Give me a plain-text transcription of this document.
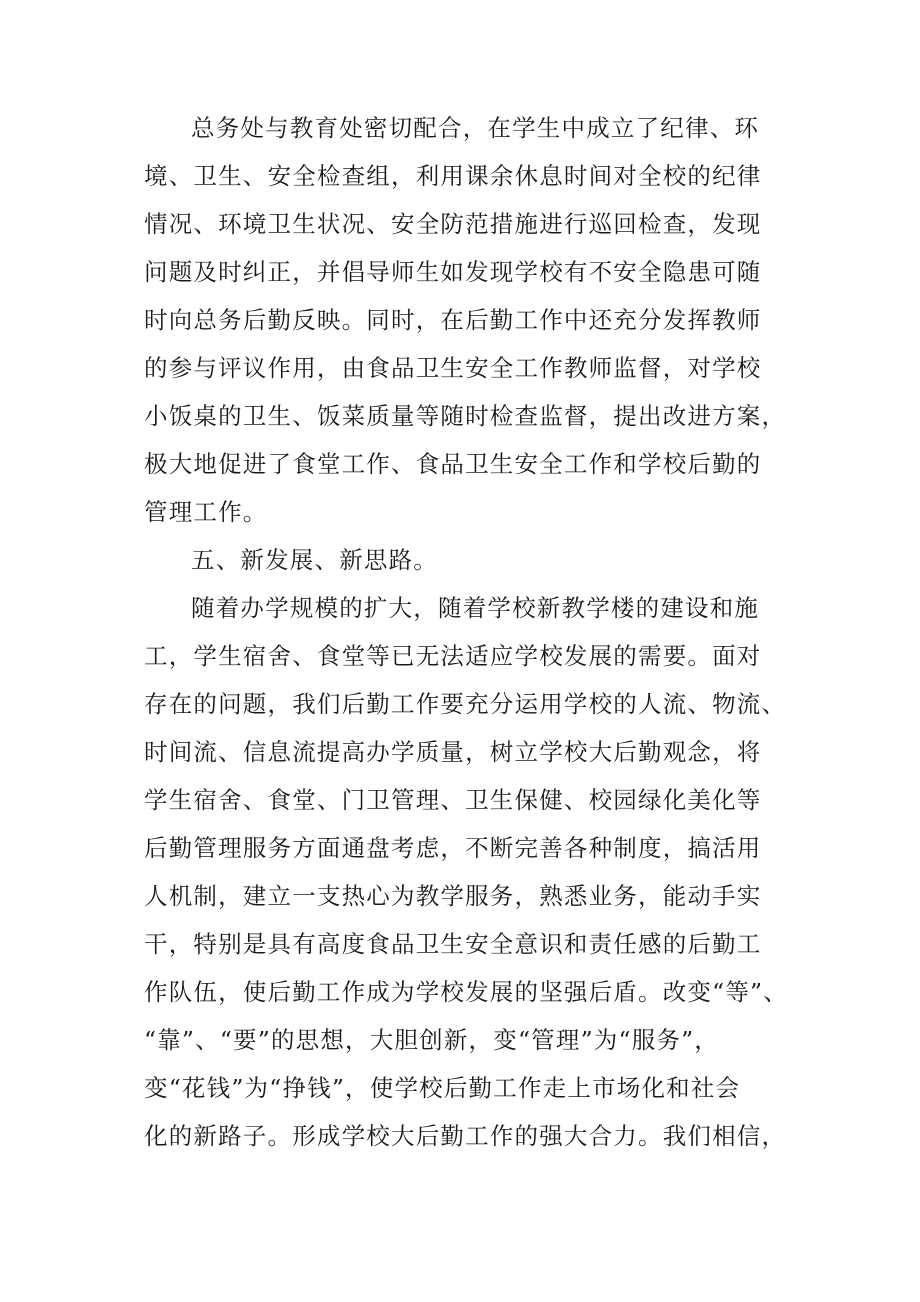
总务处与教育处密切配合，在学生中成立了纪律、环
境、卫生、安全检查组，利用课余休息时间对全校的纪律
情况、环境卫生状况、安全防范措施进行巡回检查，发现
问题及时纠正，并倡导师生如发现学校有不安全隐患可随
时向总务后勤反映。同时，在后勤工作中还充分发挥教师
的参与评议作用，由食品卫生安全工作教师监督，对学校
小饭桌的卫生、饭菜质量等随时检查监督，提出改进方案，
极大地促进了食堂工作、食品卫生安全工作和学校后勤的
管理工作。
五、新发展、新思路。
随着办学规模的扩大，随着学校新教学楼的建设和施
工，学生宿舍、食堂等已无法适应学校发展的需要。面对
存在的问题，我们后勤工作要充分运用学校的人流、物流、
时间流、信息流提高办学质量，树立学校大后勤观念，将
学生宿舍、食堂、门卫管理、卫生保健、校园绿化美化等
后勤管理服务方面通盘考虑，不断完善各种制度，搞活用
人机制，建立一支热心为教学服务，熟悉业务，能动手实
干，特别是具有高度食品卫生安全意识和责任感的后勤工
作队伍，使后勤工作成为学校发展的坚强后盾。改变“等”、
“靠”、“要”的思想，大胆创新，变“管理”为“服务”，
变“花钱”为“挣钱”，使学校后勤工作走上市场化和社会
化的新路子。形成学校大后勤工作的强大合力。我们相信，
